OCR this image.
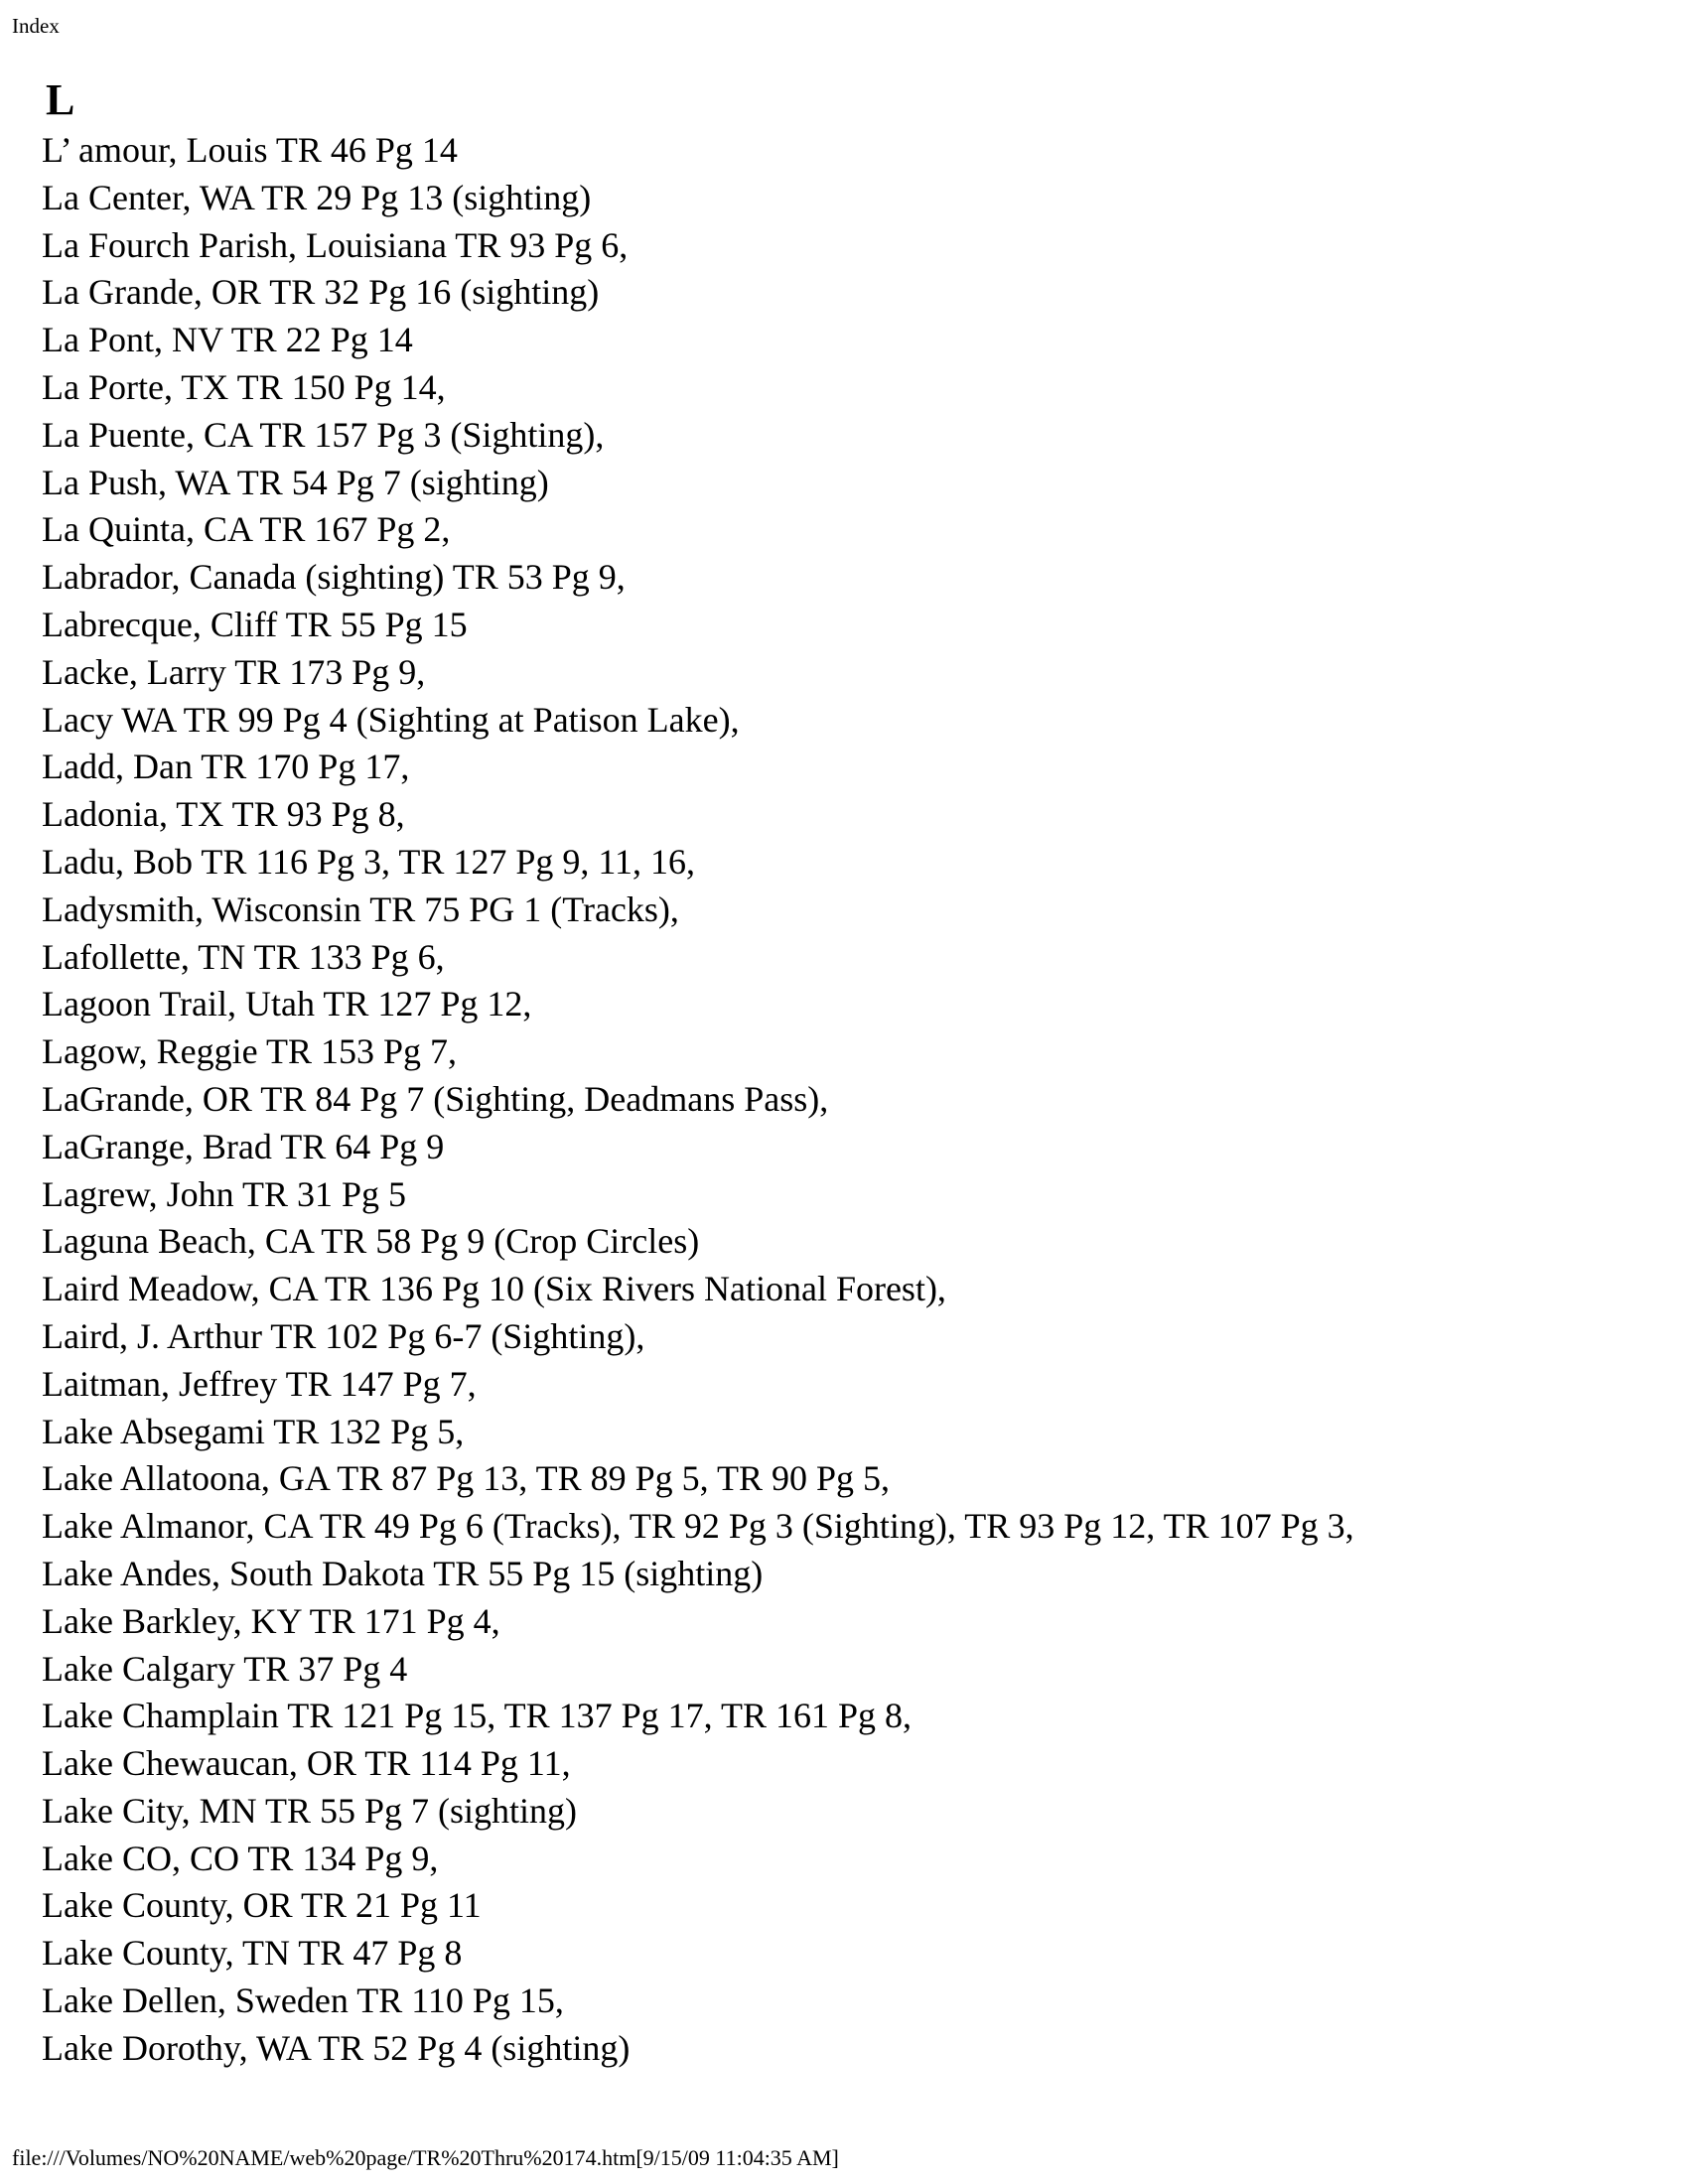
Index
L
L’ amour, Louis TR 46 Pg 14
La Center, WA TR 29 Pg 13 (sighting)
La Fourch Parish, Louisiana TR 93 Pg 6,
La Grande, OR TR 32 Pg 16 (sighting)
La Pont, NV TR 22 Pg 14
La Porte, TX TR 150 Pg 14,
La Puente, CA TR 157 Pg 3 (Sighting),
La Push, WA TR 54 Pg 7 (sighting)
La Quinta, CA TR 167 Pg 2,
Labrador, Canada (sighting) TR 53 Pg 9,
Labrecque, Cliff TR 55 Pg 15
Lacke, Larry TR 173 Pg 9,
Lacy WA TR 99 Pg 4 (Sighting at Patison Lake),
Ladd, Dan TR 170 Pg 17,
Ladonia, TX TR 93 Pg 8,
Ladu, Bob TR 116 Pg 3, TR 127 Pg 9, 11, 16,
Ladysmith, Wisconsin TR 75 PG 1 (Tracks),
Lafollette, TN TR 133 Pg 6,
Lagoon Trail, Utah TR 127 Pg 12,
Lagow, Reggie TR 153 Pg 7,
LaGrande, OR TR 84 Pg 7 (Sighting, Deadmans Pass),
LaGrange, Brad TR 64 Pg 9
Lagrew, John TR 31 Pg 5
Laguna Beach, CA TR 58 Pg 9 (Crop Circles)
Laird Meadow, CA TR 136 Pg 10 (Six Rivers National Forest),
Laird, J. Arthur TR 102 Pg 6-7 (Sighting),
Laitman, Jeffrey TR 147 Pg 7,
Lake Absegami TR 132 Pg 5,
Lake Allatoona, GA TR 87 Pg 13, TR 89 Pg 5, TR 90 Pg 5,
Lake Almanor, CA TR 49 Pg 6 (Tracks), TR 92 Pg 3 (Sighting), TR 93 Pg 12, TR 107 Pg 3,
Lake Andes, South Dakota TR 55 Pg 15 (sighting)
Lake Barkley, KY TR 171 Pg 4,
Lake Calgary TR 37 Pg 4
Lake Champlain TR 121 Pg 15, TR 137 Pg 17, TR 161 Pg 8,
Lake Chewaucan, OR TR 114 Pg 11,
Lake City, MN TR 55 Pg 7 (sighting)
Lake CO, CO TR 134 Pg 9,
Lake County, OR TR 21 Pg 11
Lake County, TN TR 47 Pg 8
Lake Dellen, Sweden TR 110 Pg 15,
Lake Dorothy, WA TR 52 Pg 4 (sighting)
file:///Volumes/NO%20NAME/web%20page/TR%20Thru%20174.htm[9/15/09 11:04:35 AM]
